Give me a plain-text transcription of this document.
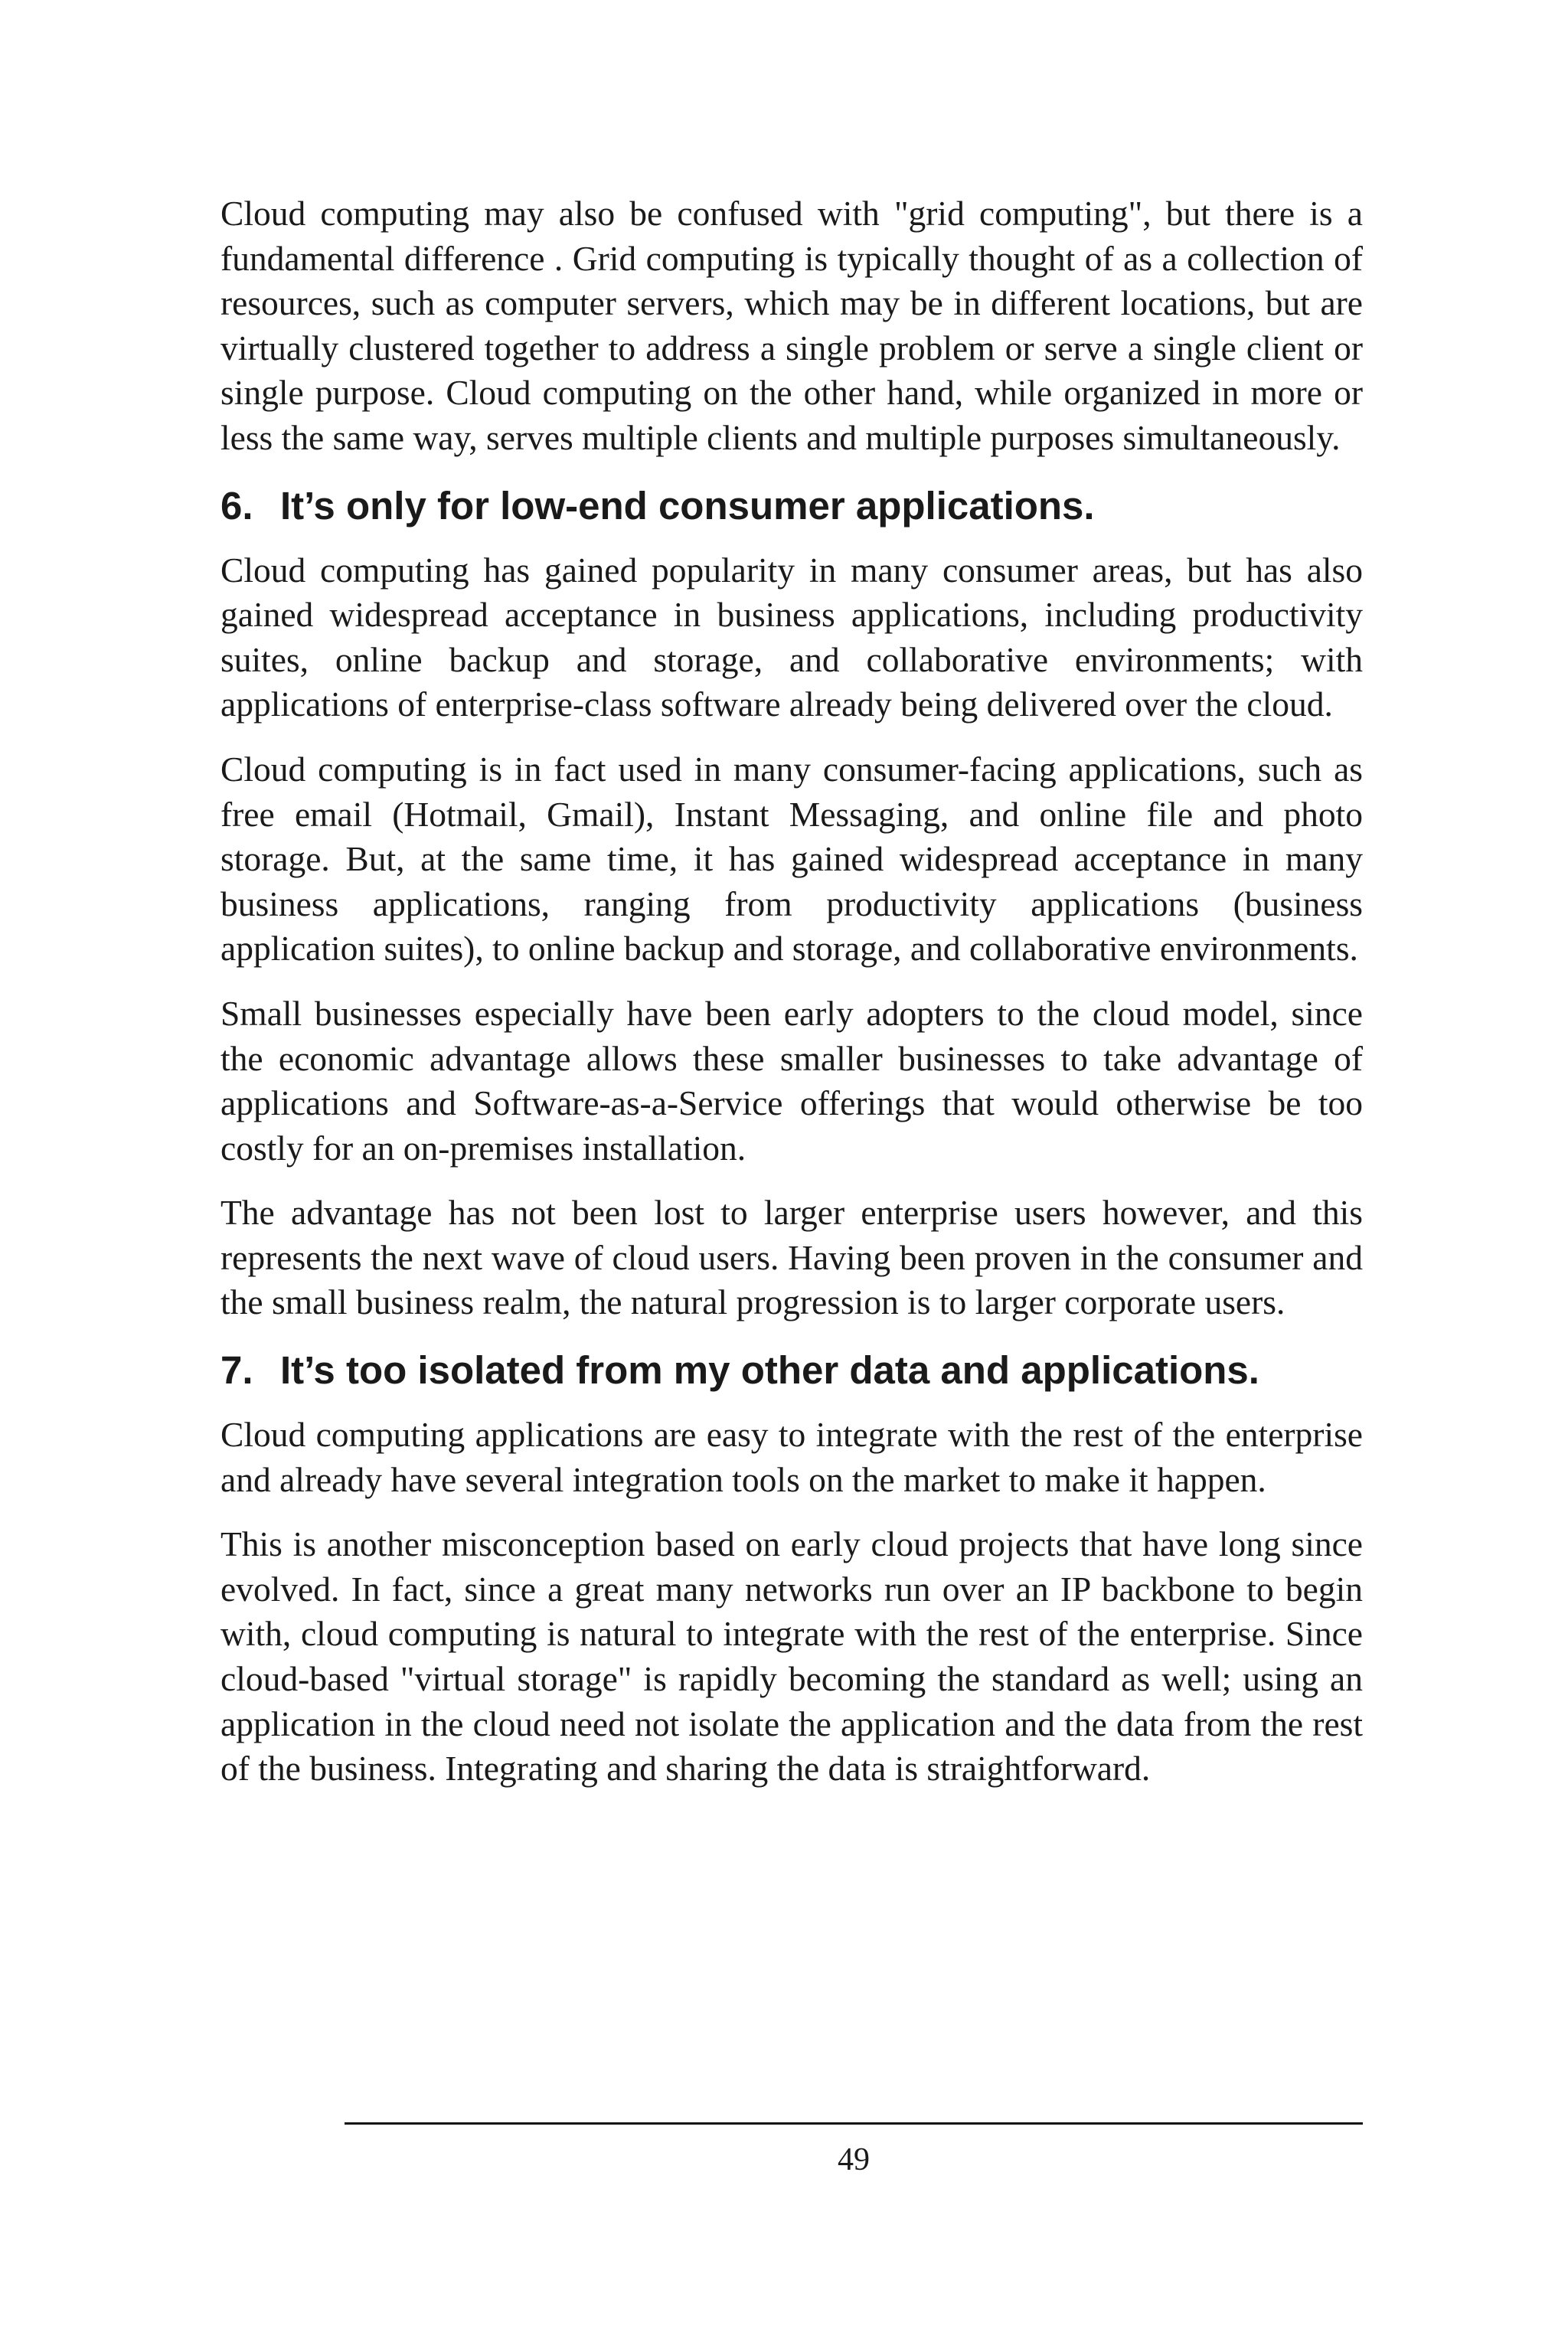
Cloud computing may also be confused with "grid computing", but there is a fundamental difference . Grid computing is typically thought of as a collection of resources, such as computer servers, which may be in different locations, but are virtually clustered together to address a single problem or serve a single client or single purpose. Cloud computing on the other hand, while organized in more or less the same way, serves multiple clients and multiple purposes simultaneously.

6. It’s only for low-end consumer applications.

Cloud computing has gained popularity in many consumer areas, but has also gained widespread acceptance in business applications, including productivity suites, online backup and storage, and collaborative environments; with applications of enterprise-class software already being delivered over the cloud.

Cloud computing is in fact used in many consumer-facing applications, such as free email (Hotmail, Gmail), Instant Messaging, and online file and photo storage. But, at the same time, it has gained widespread acceptance in many business applications, ranging from productivity applications (business application suites), to online backup and storage, and collaborative environments.

Small businesses especially have been early adopters to the cloud model, since the economic advantage allows these smaller businesses to take advantage of applications and Software-as-a-Service offerings that would otherwise be too costly for an on-premises installation.

The advantage has not been lost to larger enterprise users however, and this represents the next wave of cloud users. Having been proven in the consumer and the small business realm, the natural progression is to larger corporate users.

7. It’s too isolated from my other data and applications.

Cloud computing applications are easy to integrate with the rest of the enterprise and already have several integration tools on the market to make it happen.

This is another misconception based on early cloud projects that have long since evolved. In fact, since a great many networks run over an IP backbone to begin with, cloud computing is natural to integrate with the rest of the enterprise. Since cloud-based "virtual storage" is rapidly becoming the standard as well; using an application in the cloud need not isolate the application and the data from the rest of the business. Integrating and sharing the data is straightforward.

49
